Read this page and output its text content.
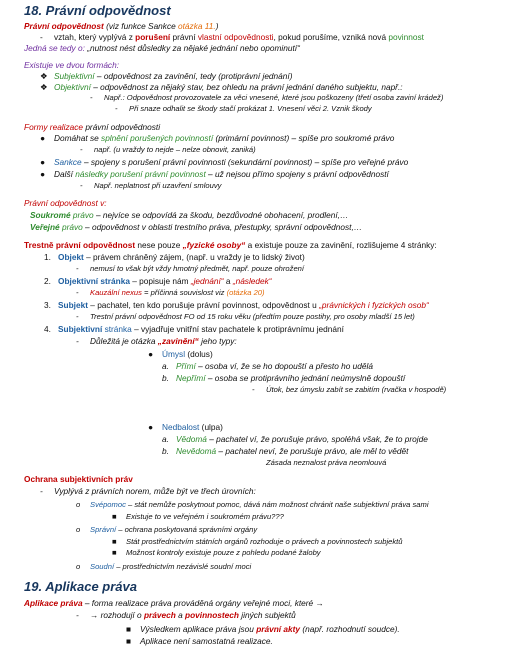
18. Právní odpovědnost
Právní odpovědnost (viz funkce Sankce otázka 11.)
- vztah, který vyplývá z porušení právní vlastní odpovědnosti, pokud porušíme, vzniká nová povinnost
Jedná se tedy o: „nutnost nést důsledky za nějaké jednání nebo opominutí“
Existuje ve dvou formách:
❖ Subjektivní – odpovědnost za zavinění, tedy (protiprávní jednání)
❖ Objektivní – odpovědnost za nějaký stav, bez ohledu na právní jednání daného subjektu, např.:
- Např.: Odpovědnost provozovatele za věci vnesené, které jsou poškozeny (třetí osoba zaviní krádež)
- Při snaze odhalit se škody stačí prokázat 1. Vnesení věci 2. Vznik škody
Formy realizace právní odpovědnosti
● Domáhat se splnění porušených povinností (primární povinnost) – spíše pro soukromé právo
- např. (u vraždy to nejde – nelze obnovit, zaniká)
● Sankce – spojeny s porušení právní povinnosti (sekundární povinnost) – spíše pro veřejné právo
● Další následky porušení právní povinnost – už nejsou přímo spojeny s právní odpovědností
- Např. neplatnost při uzavření smlouvy
Právní odpovědnost v:
Soukromé právo – nejvíce se odpovídá za škodu, bezdůvodné obohacení, prodlení,…
Veřejné právo – odpovědnost v oblasti trestního práva, přestupky, správní odpovědnost,…
Trestně právní odpovědnost nese pouze „fyzické osoby“ a existuje pouze za zavinění, rozlišujeme 4 stránky:
1. Objekt – právem chráněný zájem, (např. u vraždy je to lidský život)
- nemusí to však být vždy hmotný předmět, např. pouze ohrožení
2. Objektivní stránka – popisuje nám „jednání“ a „následek“
- Kauzální nexus = příčinná souvislost viz (otázka 20)
3. Subjekt – pachatel, ten kdo porušuje právní povinnost, odpovědnost u „právnických i fyzických osob“
- Trestní právní odpovědnost FO od 15 roku věku (předtím pouze postihy, pro osoby mladší 15 let)
4. Subjektivní stránka – vyjadřuje vnitřní stav pachatele k protiprávnímu jednání
- Důležitá je otázka „zavinění“ jeho typy:
● Úmysl (dolus)
a. Přímí – osoba ví, že se ho dopouští a přesto ho udělá
b. Nepřímí – osoba se protiprávního jednání neúmyslně dopouští
- Útok, bez úmyslu zabít se zabitím (rvačka v hospodě)
● Nedbalost (ulpa)
a. Vědomá – pachatel ví, že porušuje právo, spoléhá však, že to projde
b. Nevědomá – pachatel neví, že porušuje právo, ale měl to vědět
Zásada neznalost práva neomlouvá
Ochrana subjektivních práv
- Vyplývá z právních norem, může být ve třech úrovních:
o Svépomoc – stát nemůže poskytnout pomoc, dává nám možnost chránit naše subjektivní práva sami
■ Existuje to ve veřejném i soukromém právu???
o Správní – ochrana poskytovaná správními orgány
■ Stát prostřednictvím státních orgánů rozhoduje o právech a povinnostech subjektů
■ Možnost kontroly existuje pouze z pohledu podané žaloby
o Soudní – prostřednictvím nezávislé soudní moci
19. Aplikace práva
Aplikace práva – forma realizace práva prováděná orgány veřejné moci, které →
- → rozhodují o právech a povinnostech jiných subjektů
■ Výsledkem aplikace práva jsou právní akty (např. rozhodnutí soudce).
■ Aplikace není samostatná realizace.
